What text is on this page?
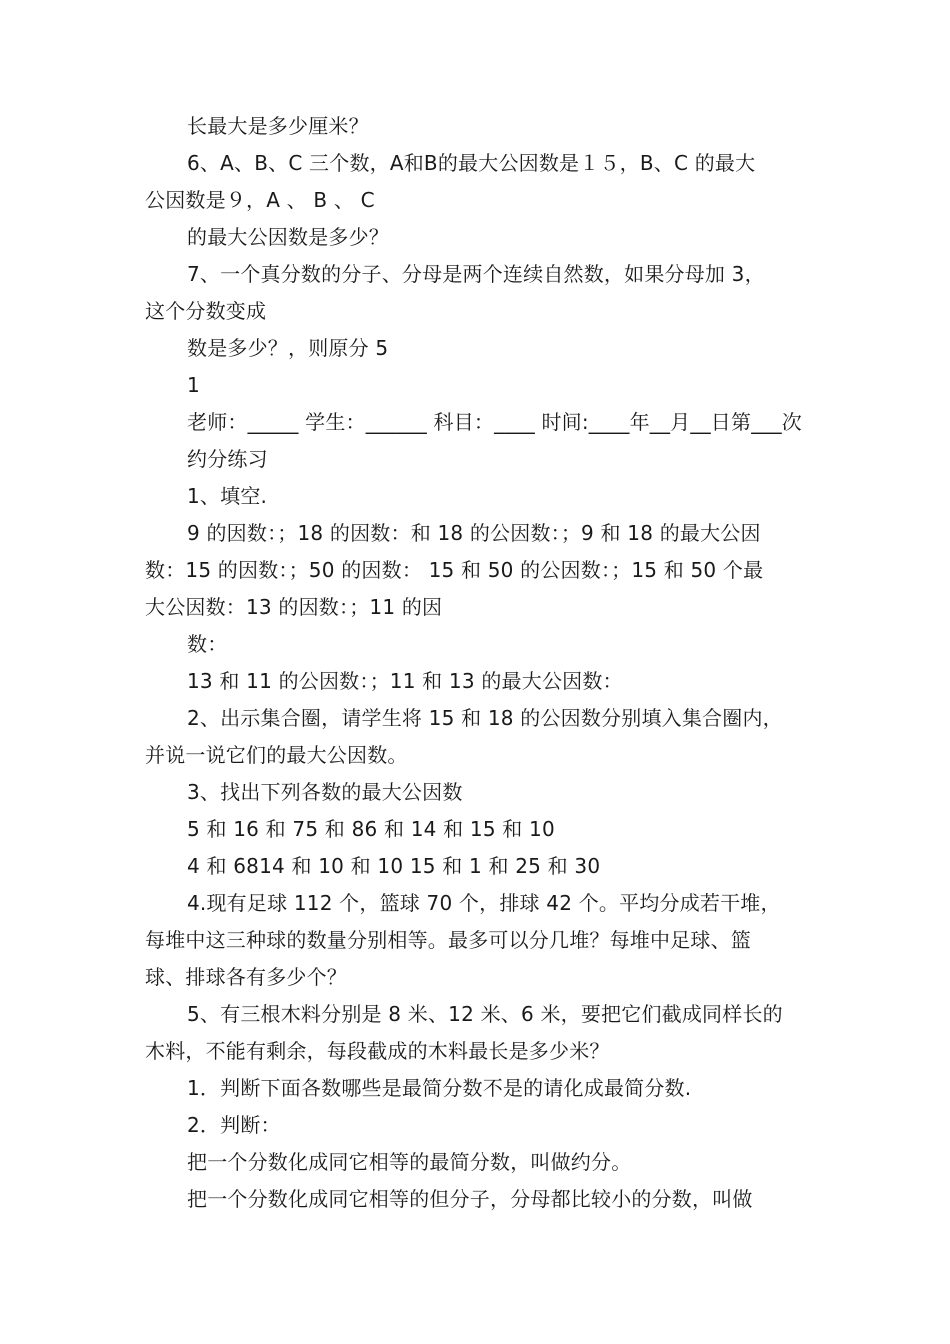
长最大是多少厘米？
6、A、B、C 三个数，A和B的最大公因数是１５，B、C 的最大
公因数是９，A 、 B 、 C
的最大公因数是多少？
7、一个真分数的分子、分母是两个连续自然数，如果分母加 3，
这个分数变成
数是多少？，则原分 5
1
老师：_____ 学生：______ 科目：____ 时间:____年__月__日第___次
约分练习
1、填空.
9 的因数：；18 的因数：和 18 的公因数：；9 和 18 的最大公因
数：15 的因数：；50 的因数： 15 和 50 的公因数：；15 和 50 个最
大公因数：13 的因数：；11 的因
数：
13 和 11 的公因数：；11 和 13 的最大公因数：
2、出示集合圈，请学生将 15 和 18 的公因数分别填入集合圈内，
并说一说它们的最大公因数。
3、找出下列各数的最大公因数
5 和 16 和 75 和 86 和 14 和 15 和 10
4 和 6814 和 10 和 10 15 和 1 和 25 和 30
4.现有足球 112 个，篮球 70 个，排球 42 个。平均分成若干堆，
每堆中这三种球的数量分别相等。最多可以分几堆？每堆中足球、篮
球、排球各有多少个？
5、有三根木料分别是 8 米、12 米、6 米，要把它们截成同样长的
木料，不能有剩余，每段截成的木料最长是多少米？
1．判断下面各数哪些是最简分数不是的请化成最简分数.
2．判断：
把一个分数化成同它相等的最简分数，叫做约分。
把一个分数化成同它相等的但分子，分母都比较小的分数，叫做
